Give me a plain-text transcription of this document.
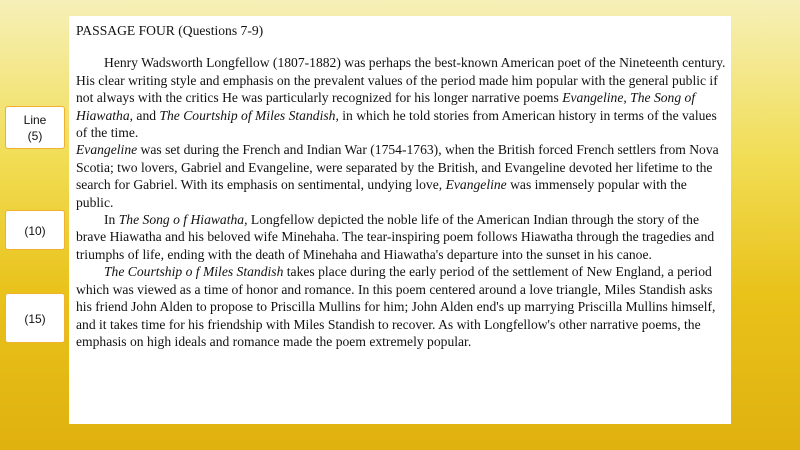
PASSAGE FOUR (Questions 7-9)

Henry Wadsworth Longfellow (1807-1882) was perhaps the best-known American poet of the Nineteenth century. His clear writing style and emphasis on the prevalent values of the period made him popular with the general public if not always with the critics He was particularly recognized for his longer narrative poems Evangeline, The Song of Hiawatha, and The Courtship of Miles Standish, in which he told stories from American history in terms of the values of the time.

Evangeline was set during the French and Indian War (1754-1763), when the British forced French settlers from Nova Scotia; two lovers, Gabriel and Evangeline, were separated by the British, and Evangeline devoted her lifetime to the search for Gabriel. With its emphasis on sentimental, undying love, Evangeline was immensely popular with the public.

In The Song o f Hiawatha, Longfellow depicted the noble life of the American Indian through the story of the brave Hiawatha and his beloved wife Minehaha. The tear-inspiring poem follows Hiawatha through the tragedies and triumphs of life, ending with the death of Minehaha and Hiawatha's departure into the sunset in his canoe.

The Courtship o f Miles Standish takes place during the early period of the settlement of New England, a period which was viewed as a time of honor and romance. In this poem centered around a love triangle, Miles Standish asks his friend John Alden to propose to Priscilla Mullins for him; John Alden end's up marrying Priscilla Mullins himself, and it takes time for his friendship with Miles Standish to recover. As with Longfellow's other narrative poems, the emphasis on high ideals and romance made the poem extremely popular.

Line
(5)
(10)
(15)
